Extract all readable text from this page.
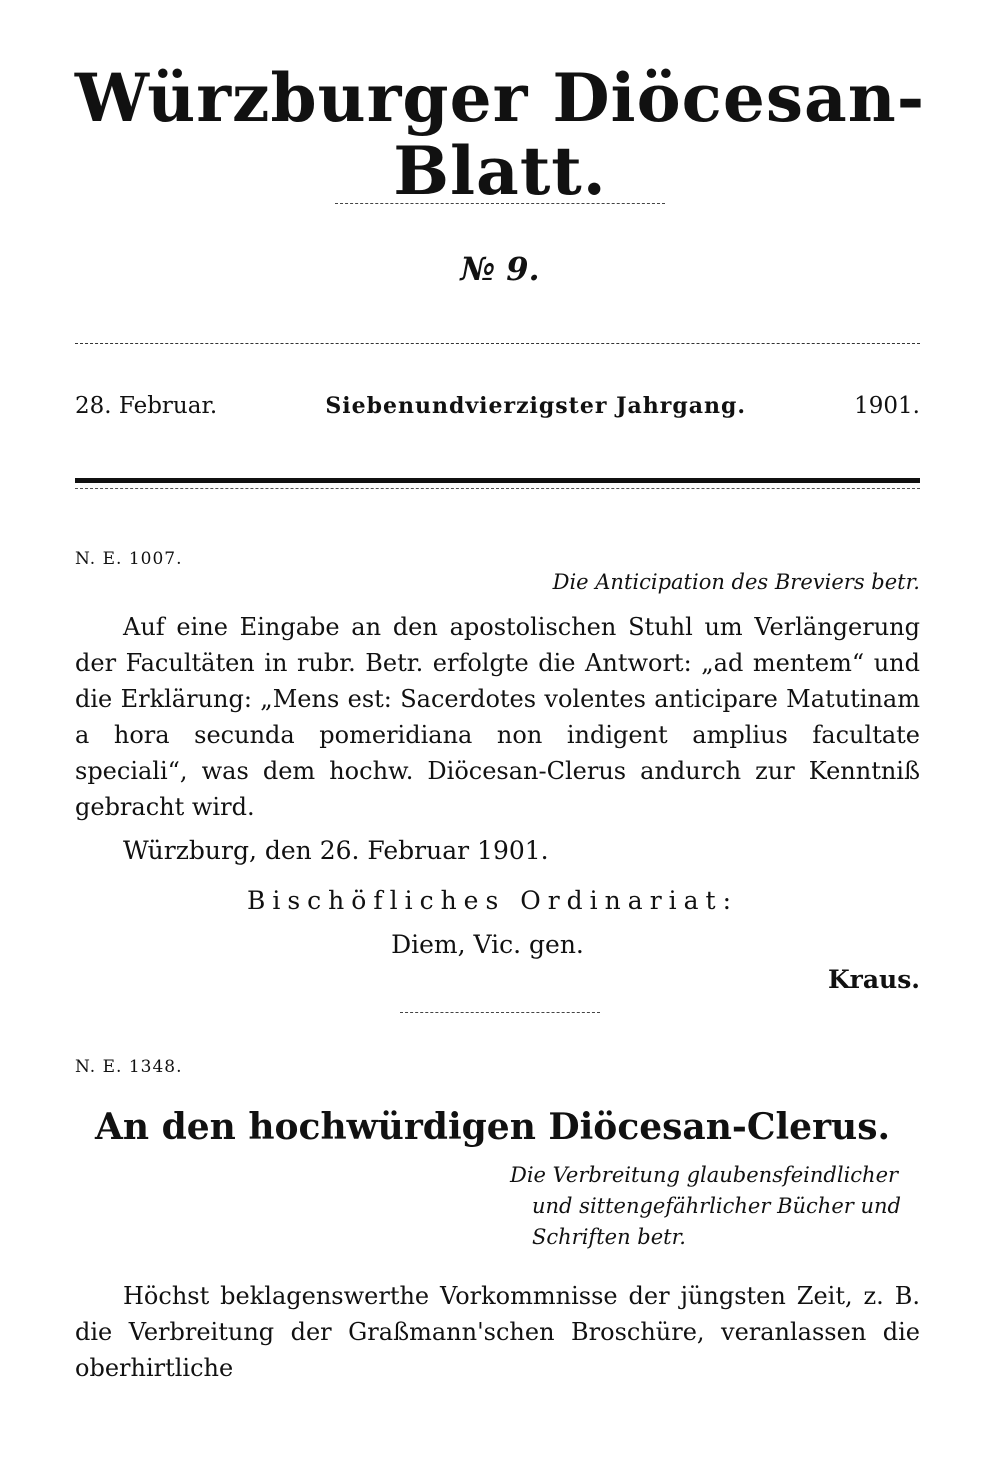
Würzburger Diöcesan-Blatt.
№ 9.
28. Februar.	Siebenundvierzigster Jahrgang.	1901.
N. E. 1007.
Die Anticipation des Breviers betr.
Auf eine Eingabe an den apostolischen Stuhl um Verlängerung der Facultäten in rubr. Betr. erfolgte die Antwort: „ad mentem“ und die Erklärung: „Mens est: Sacerdotes volentes anticipare Matutinam a hora secunda pomeridiana non indigent amplius facultate speciali“, was dem hochw. Diöcesan-Clerus andurch zur Kenntniß gebracht wird.
Würzburg, den 26. Februar 1901.
Bischöfliches Ordinariat:
Diem, Vic. gen.
Kraus.
N. E. 1348.
An den hochwürdigen Diöcesan-Clerus.
Die Verbreitung glaubensfeindlicher
und sittengefährlicher Bücher und
Schriften betr.
Höchst beklagenswerthe Vorkommnisse der jüngsten Zeit, z. B. die Verbreitung der Graßmann'schen Broschüre, veranlassen die oberhirtliche
